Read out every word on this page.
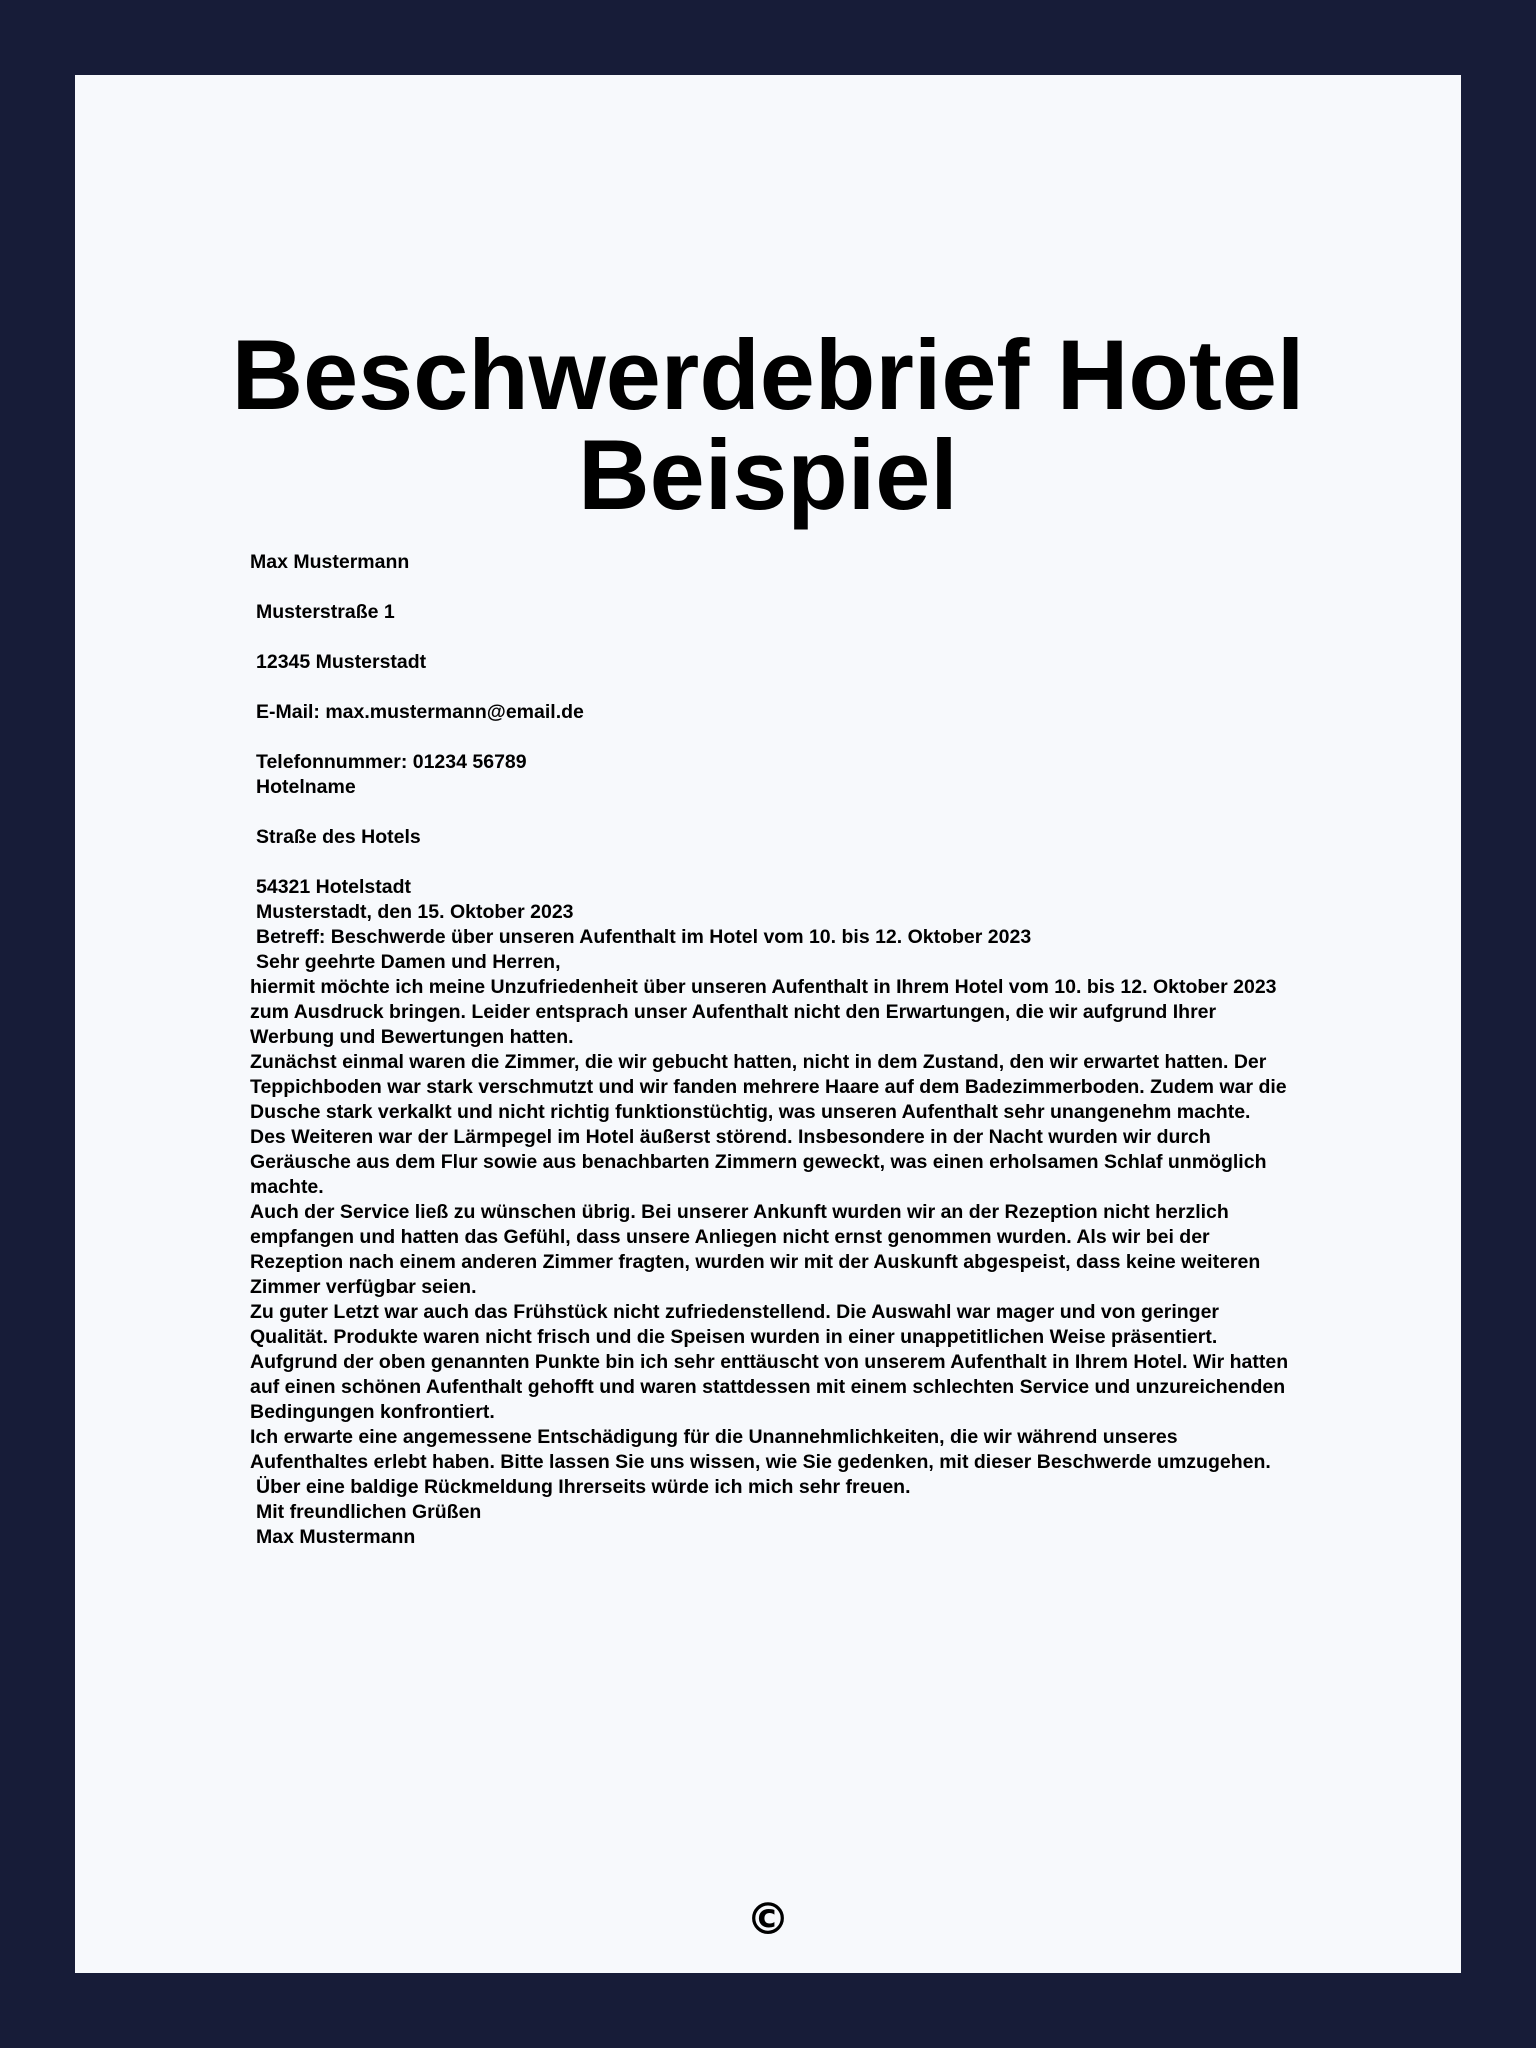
Beschwerdebrief Hotel Beispiel
Max Mustermann
Musterstraße 1
12345 Musterstadt
E-Mail: max.mustermann@email.de
Telefonnummer: 01234 56789
Hotelname
Straße des Hotels
54321 Hotelstadt
Musterstadt, den 15. Oktober 2023
Betreff: Beschwerde über unseren Aufenthalt im Hotel vom 10. bis 12. Oktober 2023
Sehr geehrte Damen und Herren,
hiermit möchte ich meine Unzufriedenheit über unseren Aufenthalt in Ihrem Hotel vom 10. bis 12. Oktober 2023 zum Ausdruck bringen. Leider entsprach unser Aufenthalt nicht den Erwartungen, die wir aufgrund Ihrer Werbung und Bewertungen hatten.
Zunächst einmal waren die Zimmer, die wir gebucht hatten, nicht in dem Zustand, den wir erwartet hatten. Der Teppichboden war stark verschmutzt und wir fanden mehrere Haare auf dem Badezimmerboden. Zudem war die Dusche stark verkalkt und nicht richtig funktionstüchtig, was unseren Aufenthalt sehr unangenehm machte.
Des Weiteren war der Lärmpegel im Hotel äußerst störend. Insbesondere in der Nacht wurden wir durch Geräusche aus dem Flur sowie aus benachbarten Zimmern geweckt, was einen erholsamen Schlaf unmöglich machte.
Auch der Service ließ zu wünschen übrig. Bei unserer Ankunft wurden wir an der Rezeption nicht herzlich empfangen und hatten das Gefühl, dass unsere Anliegen nicht ernst genommen wurden. Als wir bei der Rezeption nach einem anderen Zimmer fragten, wurden wir mit der Auskunft abgespeist, dass keine weiteren Zimmer verfügbar seien.
Zu guter Letzt war auch das Frühstück nicht zufriedenstellend. Die Auswahl war mager und von geringer Qualität. Produkte waren nicht frisch und die Speisen wurden in einer unappetitlichen Weise präsentiert.
Aufgrund der oben genannten Punkte bin ich sehr enttäuscht von unserem Aufenthalt in Ihrem Hotel. Wir hatten auf einen schönen Aufenthalt gehofft und waren stattdessen mit einem schlechten Service und unzureichenden Bedingungen konfrontiert.
Ich erwarte eine angemessene Entschädigung für die Unannehmlichkeiten, die wir während unseres Aufenthaltes erlebt haben. Bitte lassen Sie uns wissen, wie Sie gedenken, mit dieser Beschwerde umzugehen.
Über eine baldige Rückmeldung Ihrerseits würde ich mich sehr freuen.
Mit freundlichen Grüßen
Max Mustermann
©
